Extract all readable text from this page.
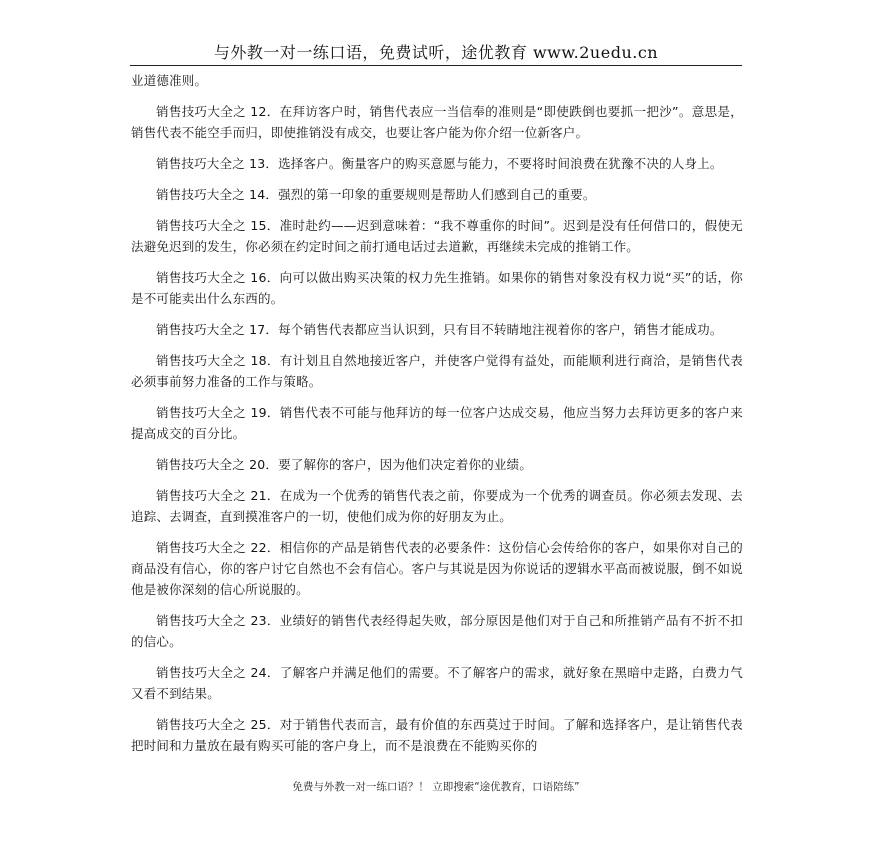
与外教一对一练口语，免费试听，途优教育 www.2uedu.cn

业道德准则。

销售技巧大全之 12．在拜访客户时，销售代表应一当信奉的准则是“即使跌倒也要抓一把沙”。意思是，销售代表不能空手而归，即使推销没有成交，也要让客户能为你介绍一位新客户。

销售技巧大全之 13．选择客户。衡量客户的购买意愿与能力，不要将时间浪费在犹豫不决的人身上。

销售技巧大全之 14．强烈的第一印象的重要规则是帮助人们感到自己的重要。

销售技巧大全之 15．准时赴约——迟到意味着：“我不尊重你的时间”。迟到是没有任何借口的，假使无法避免迟到的发生，你必须在约定时间之前打通电话过去道歉，再继续未完成的推销工作。

销售技巧大全之 16．向可以做出购买决策的权力先生推销。如果你的销售对象没有权力说“买”的话，你是不可能卖出什么东西的。

销售技巧大全之 17．每个销售代表都应当认识到，只有目不转睛地注视着你的客户，销售才能成功。

销售技巧大全之 18．有计划且自然地接近客户，并使客户觉得有益处，而能顺利进行商洽，是销售代表必须事前努力准备的工作与策略。

销售技巧大全之 19．销售代表不可能与他拜访的每一位客户达成交易，他应当努力去拜访更多的客户来提高成交的百分比。

销售技巧大全之 20．要了解你的客户，因为他们决定着你的业绩。

销售技巧大全之 21．在成为一个优秀的销售代表之前，你要成为一个优秀的调查员。你必须去发现、去追踪、去调查，直到摸准客户的一切，使他们成为你的好朋友为止。

销售技巧大全之 22．相信你的产品是销售代表的必要条件：这份信心会传给你的客户，如果你对自己的商品没有信心，你的客户讨它自然也不会有信心。客户与其说是因为你说话的逻辑水平高而被说服，倒不如说他是被你深刻的信心所说服的。

销售技巧大全之 23．业绩好的销售代表经得起失败，部分原因是他们对于自己和所推销产品有不折不扣的信心。

销售技巧大全之 24．了解客户并满足他们的需要。不了解客户的需求，就好象在黑暗中走路，白费力气又看不到结果。

销售技巧大全之 25．对于销售代表而言，最有价值的东西莫过于时间。了解和选择客户，是让销售代表把时间和力量放在最有购买可能的客户身上，而不是浪费在不能购买你的

免费与外教一对一练口语？！ 立即搜索“途优教育，口语陪练”
